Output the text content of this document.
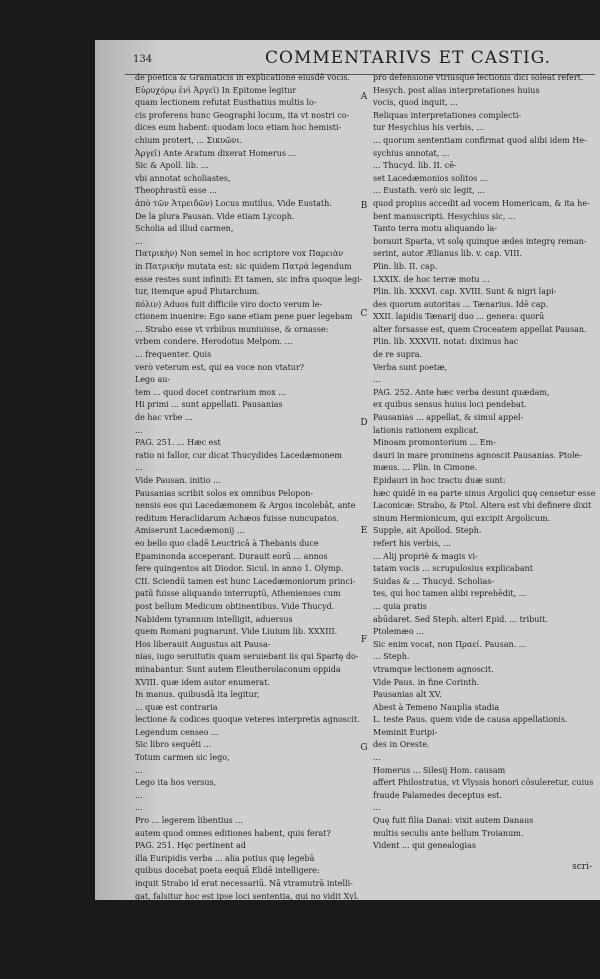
134	COMMENTARIVS ET CASTIG.
de poetica & Gramaticis in explicatione eiusdē vocis.
Εὐρυχόρῳ ἐνὶ Ἀργεϊ) In Epitome legitur
quam lectionem refutat Eusthatius multis lo-
cis proferens hunc Geographi locum, ita vt nostri co-
dices eum habent: quodam loco etiam hoc hemisti-
chium protert, ... Σικυῶνι.
Ἀργεϊ) Ante Aratum dixerat Homerus ...
Sic & Apoll. lib. ...
vbi annotat scholiastes,
Theophrastū esse ...
ἀπὸ τῶν Ἀτρειδῶν) Locus mutilus. Vide Eustath.
De la plura Pausan. Vide etiam Lycoph.
Scholia ad illud carmen,
...
Πατρικὴν) Non semel in hoc scriptore vox Παρειὰν
in Πατρικὴν mutata est: sic quidem Πατρὰ legendum
esse restes sunt infiniti: Et tamen, sic infra quoque legi-
tur, itemque apud Plutarchum.
πόλιν) Aduos fuit difficile viro docto verum le-
ctionem inuenire: Ego sane etiam pene puer legebam
... Strabo esse vt vrbibus muniuisse, & ornasse:
vrbem condere. Herodotus Melpom. ...
... frequenter. Quis
verò veterum est, qui ea voce non vtatur?
Lego au-
tem ... quod docet contrarium mox ...
Hi primi ... sunt appellati. Pausanias
de hac vrbe ...
...
PAG. 251. ... Hæc est
ratio ni fallor, cur dicat Thucydides Lacedæmonem
...
Vide Pausan. initio ...
Pausanias scribit solos ex omnibus Pelopon-
nensis eos qui Lacedæmonem & Argos incolebāt, ante
reditum Heraclidarum Achæos fuisse nuncupatos.
Amiserunt Lacedæmonij ...
eo bello quo cladē Leuctricā à Thebanis duce
Epaminonda acceperant. Durauit eorū ... annos
fere quingentos ait Diodor. Sicul. in anno 1. Olymp.
CII. Sciendū tamen est hunc Lacedæmoniorum princi-
patū fuisse aliquando interruptū, Athenienses cum
post bellum Medicum obtinentibus. Vide Thucyd.
Nabidem tyrannum intelligit, aduersus
quem Romani pugnarunt. Vide Liuium lib. XXXIII.
Hos liberauit Augustus ait Pausa-
nias, iugo seruitutis quam seruiebant iis qui Spartę do-
minabantur. Sunt autem Eleutherolaconum oppida
XVIII. quæ idem autor enumerat.
In manus. quibusdā ita legitur,
... quæ est contraria
lectione & codices quoque veteres interpretis agnoscit.
Legendum censeo ...
Sic libro sequēti ...
Totum carmen sic lego,
...
Lego ita hos versus,
...
...
Pro ... legerem libentius ...
autem quod omnes editiones habent, quis ferat?
PAG. 251. Hęc pertinent ad
illa Euripidis verba ... alia potius quę legebā
quibus docebat poeta eequā Elidē intelligere:
inquit Strabo id erat necessariū. Nā vtramutrā intelli-
gat, falsitur hoc est ipse loci sententia, qui no vidit Xyl.
Messenorum nulla alibi fit mentio, prior
interpres legit ... Pheras autem Messeniæ fuis-
se sæpe repetit Strabo.
Disputat de Homeri loco, aut locis po-
tius: Nam sæpe ita appellatur à poeta Lacedæmon. Af-
fert duplicem scripturam vocis quæ de agitur: & quid
A
B
C
D
E
F
G
pro defensione vtriusque lectionis dici soleat refert.
Hesych. post alias interpretationes huius
vocis, quod inquit, ...
Reliquas interpretationes complecti-
tur Hesychius his verbis, ...
... quorum sententiam confirmat quod alibi idem He-
sychius annotat, ...
... Thucyd. lib. II. cē-
set Lacedæmonios solitos ...
... Eustath. verò sic legit, ...
quod propius accedit ad vocem Homericam, & ita he-
bent manuscripti. Hesychius sic, ...
Tanto terra motu aliquando la-
borauit Sparta, vt solę quinque ædes integrę reman-
serint, autor Ælianus lib. v. cap. VIII.
Plin. lib. II. cap.
LXXIX. de hoc terræ motu ...
Plin. lib. XXXVI. cap. XVIII. Sunt & nigri lapi-
des quorum autoritas ... Tænarius. Idē cap.
XXII. lapidis Tænarij duo ... genera: quorū
alter forsasse est, quem Croceatem appellat Pausan.
Plin. lib. XXXVII. notat: diximus hac
de re supra.
Verba sunt poetæ,
...
PAG. 252. Ante hæc verba desunt quædam,
ex quibus sensus huius loci pendebat.
Pausanias ... appellat, & simul appel-
lationis rationem explicat.
Minoam promontorium ... Em-
dauri in mare prominens agnoscit Pausanias. Ptole-
mæus. ... Plin. in Cimone.
Epidauri in hoc tractu duæ sunt:
hæc quidē in ea parte sinus Argolici quę censetur esse
Laconicæ: Strabo, & Ptol. Altera est vbi definere dixit
sinum Hermionicum, qui excipit Argolicum.
Supple, ait Apollod. Steph.
refert his verbis, ...
... Alij propriè & magis vi-
tatam vocis ... scrupulosius explicabant
Suidas & ... Thucyd. Scholias-
tes, qui hoc tamen alibi reprehēdit, ...
... quia pratis
abūdaret. Sed Steph. alteri Epid. ... tribuit.
Ptolemæo ...
Sic enim vocat, non Πραεί. Pausan. ...
... Steph.
vtramque lectionem agnoscit.
Vide Paus. in fine Corinth.
Pausanias alt XV.
Abest à Temeno Nauplia stadia
L. teste Paus. quem vide de causa appellationis.
Meminit Euripi-
des in Oreste.
...
Homerus ... Silesij Hom. causam
affert Philostratus, vt Vlyssis honori cōsuleretur, cuius
fraude Palamedes deceptus est.
...
Quę fuit filia Danai: vixit autem Danaus
multis seculis ante bellum Troianum.
Vident ... qui genealogias
scri-
